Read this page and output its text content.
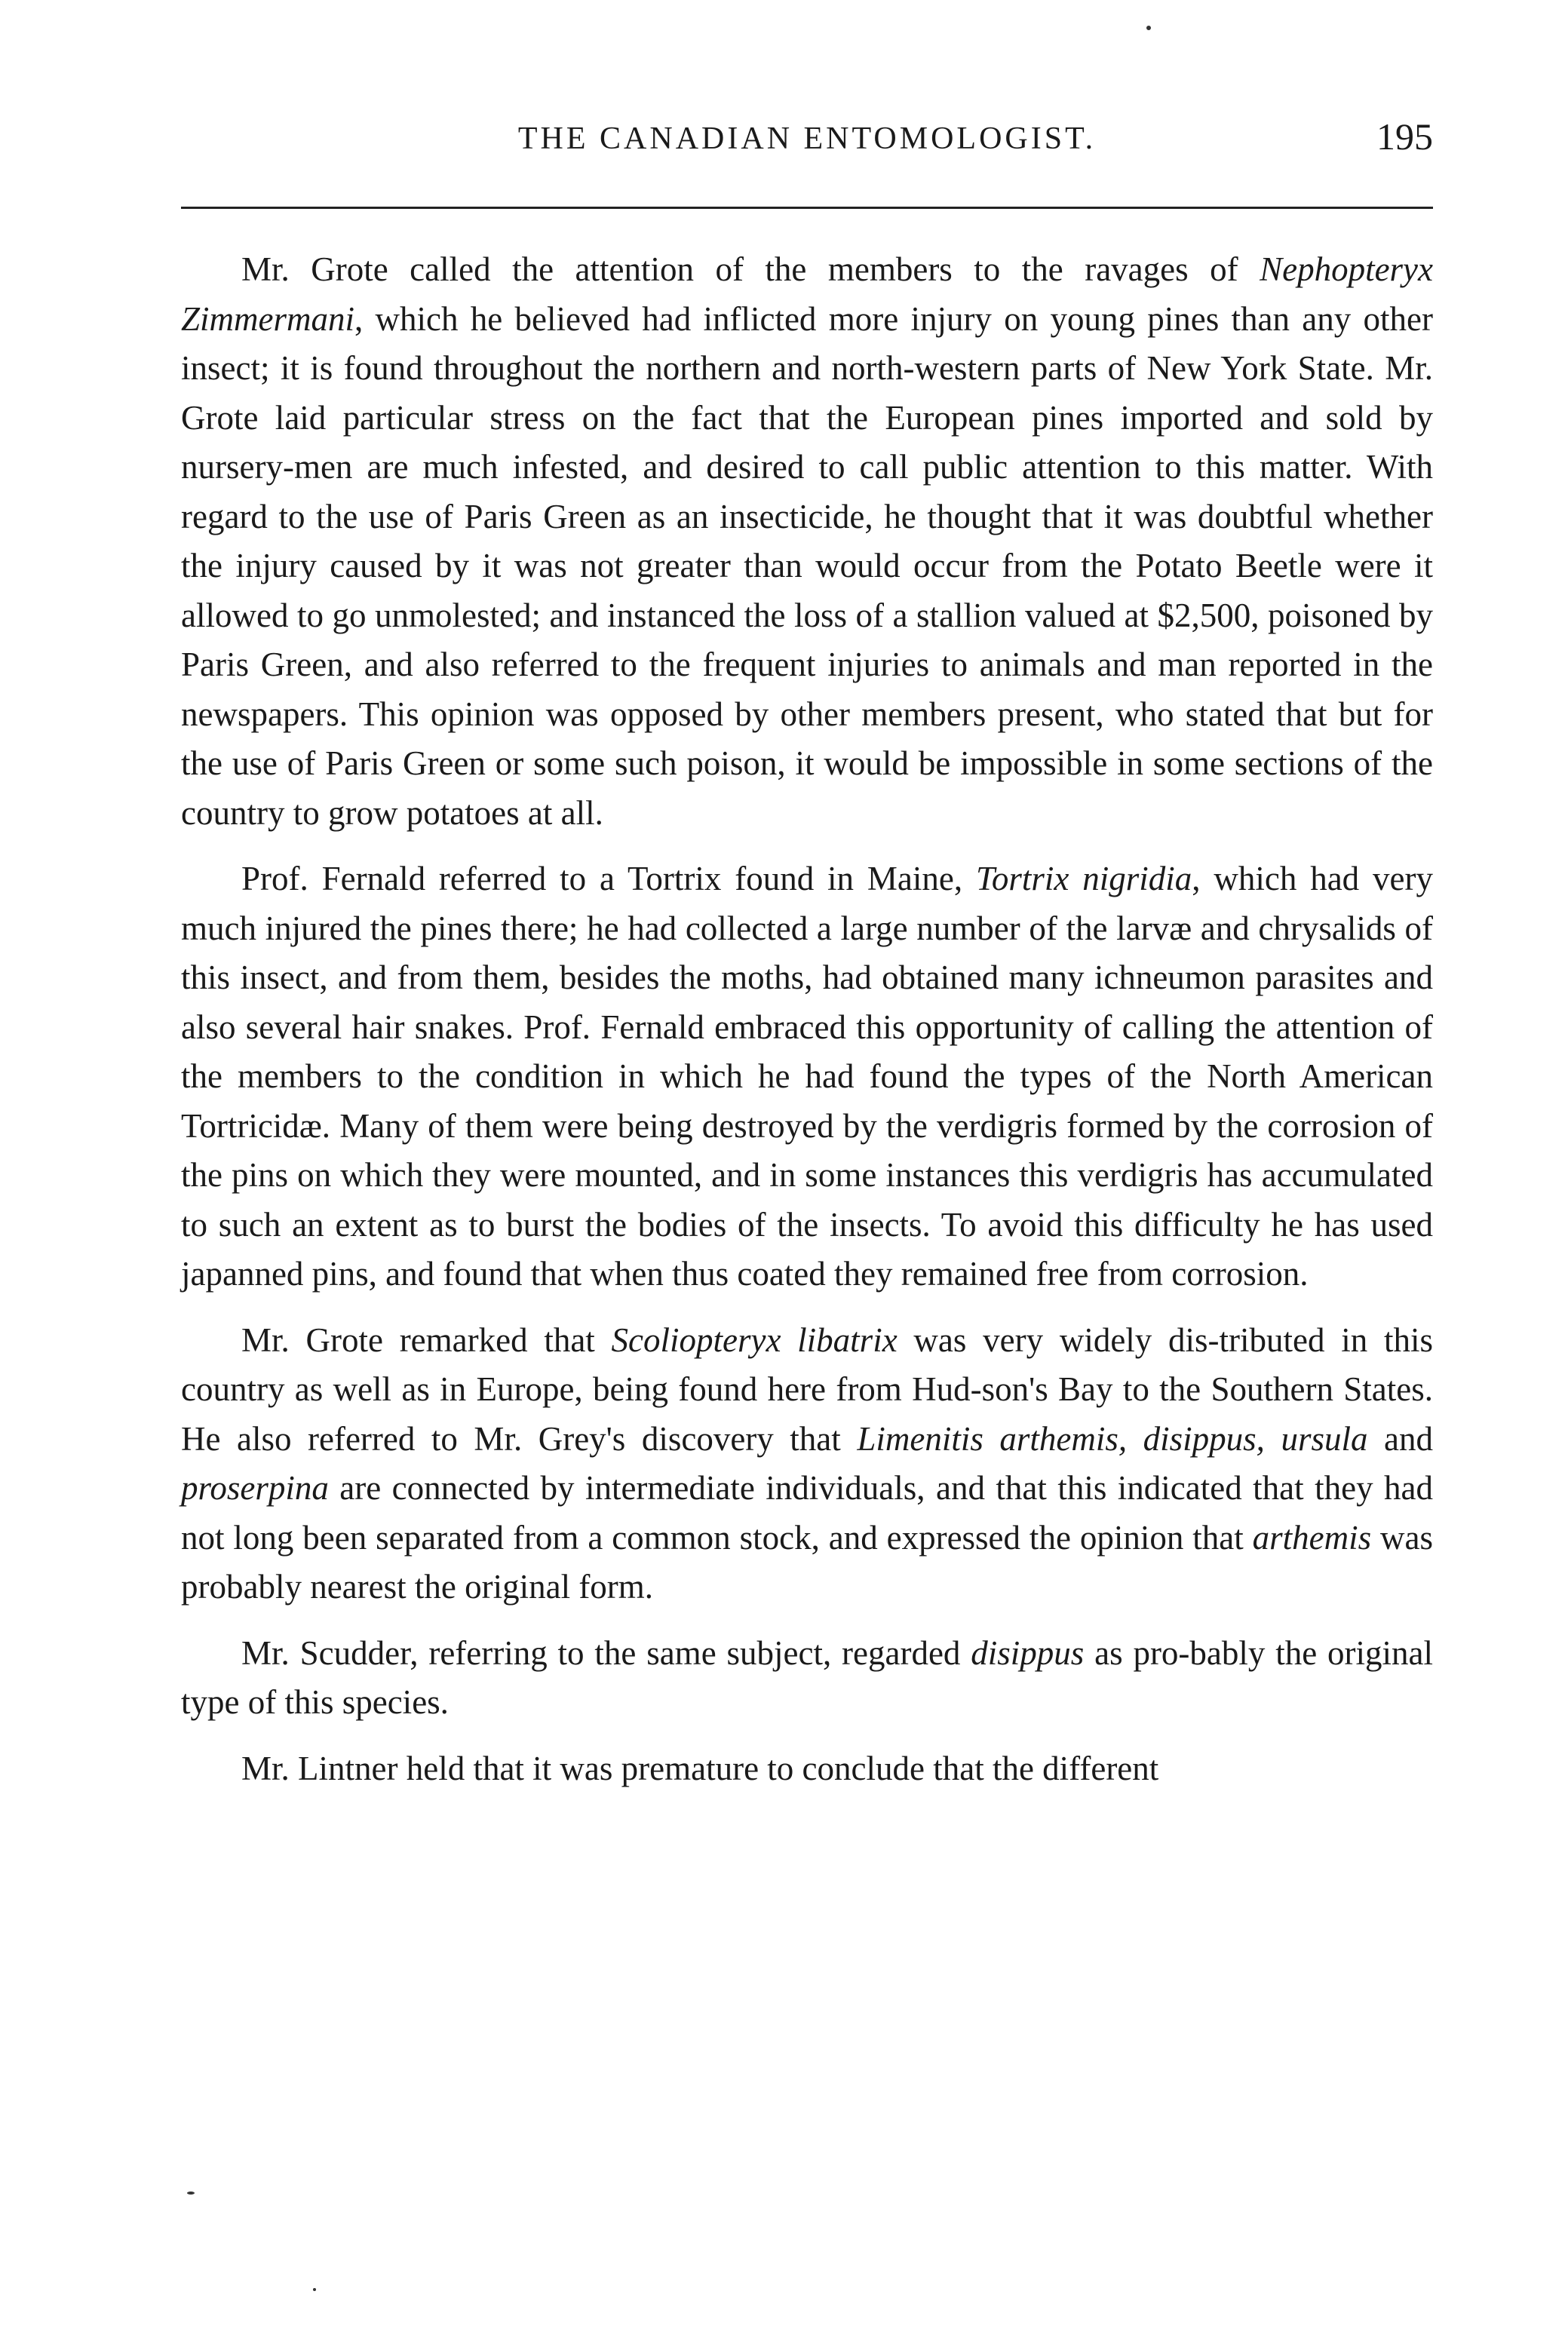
THE CANADIAN ENTOMOLOGIST.	195

Mr. Grote called the attention of the members to the ravages of Nephopteryx Zimmermani, which he believed had inflicted more injury on young pines than any other insect; it is found throughout the northern and north-western parts of New York State. Mr. Grote laid particular stress on the fact that the European pines imported and sold by nursery-men are much infested, and desired to call public attention to this matter. With regard to the use of Paris Green as an insecticide, he thought that it was doubtful whether the injury caused by it was not greater than would occur from the Potato Beetle were it allowed to go unmolested; and instanced the loss of a stallion valued at $2,500, poisoned by Paris Green, and also referred to the frequent injuries to animals and man reported in the newspapers. This opinion was opposed by other members present, who stated that but for the use of Paris Green or some such poison, it would be impossible in some sections of the country to grow potatoes at all.

Prof. Fernald referred to a Tortrix found in Maine, Tortrix nigridia, which had very much injured the pines there; he had collected a large number of the larvæ and chrysalids of this insect, and from them, besides the moths, had obtained many ichneumon parasites and also several hair snakes. Prof. Fernald embraced this opportunity of calling the attention of the members to the condition in which he had found the types of the North American Tortricidæ. Many of them were being destroyed by the verdigris formed by the corrosion of the pins on which they were mounted, and in some instances this verdigris has accumulated to such an extent as to burst the bodies of the insects. To avoid this difficulty he has used japanned pins, and found that when thus coated they remained free from corrosion.

Mr. Grote remarked that Scoliopteryx libatrix was very widely dis-tributed in this country as well as in Europe, being found here from Hud-son's Bay to the Southern States. He also referred to Mr. Grey's discovery that Limenitis arthemis, disippus, ursula and proserpina are connected by intermediate individuals, and that this indicated that they had not long been separated from a common stock, and expressed the opinion that arthemis was probably nearest the original form.

Mr. Scudder, referring to the same subject, regarded disippus as pro-bably the original type of this species.

Mr. Lintner held that it was premature to conclude that the different
